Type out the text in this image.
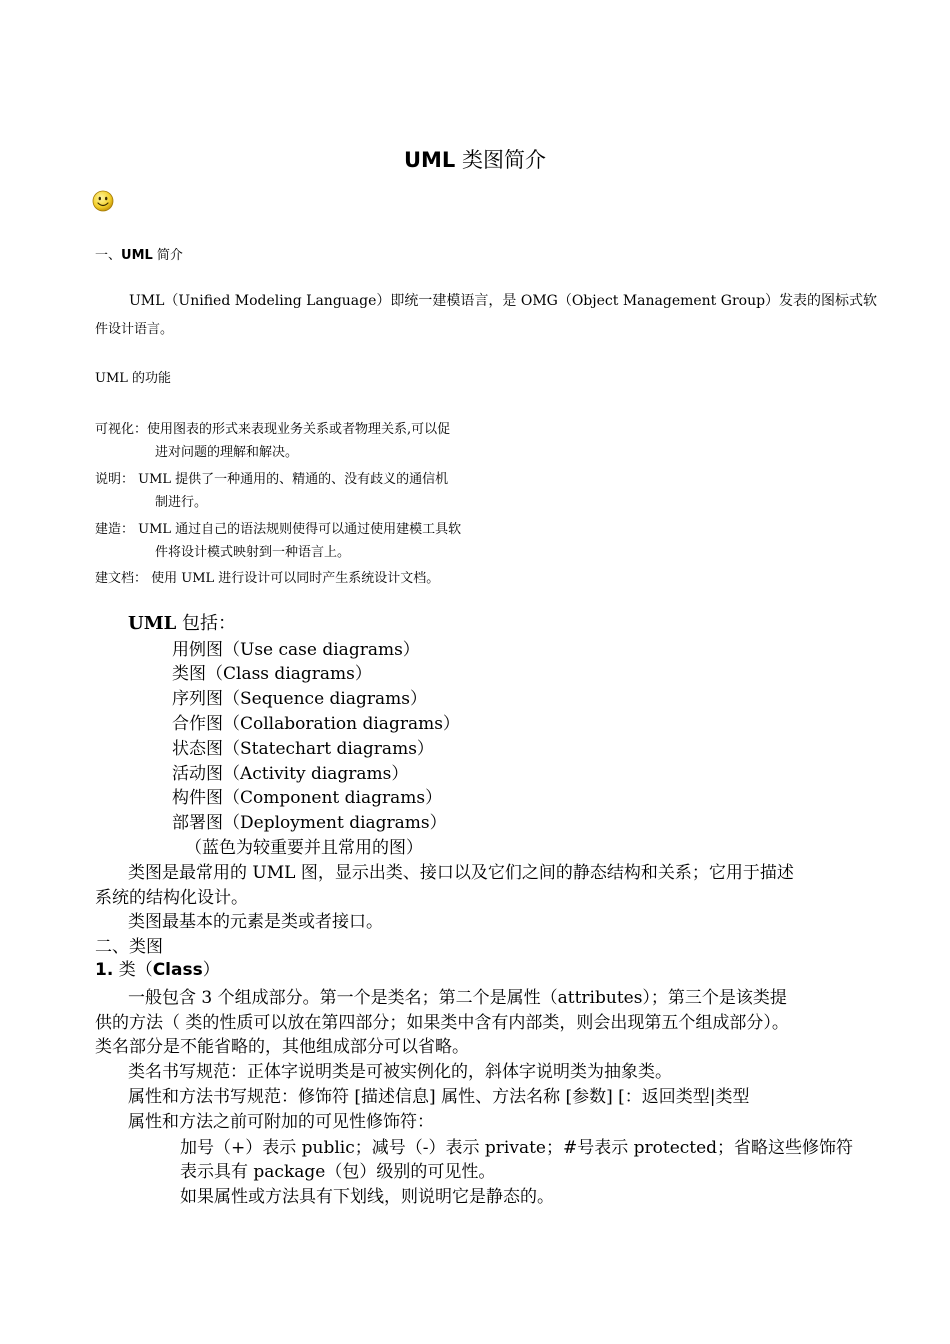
UML 类图简介
一、UML 简介
UML（Unified Modeling Language）即统一建模语言，是 OMG（Object Management Group）发表的图标式软
件设计语言。
UML 的功能
可视化：使用图表的形式来表现业务关系或者物理关系,可以促
进对问题的理解和解决。
说明： UML 提供了一种通用的、精通的、没有歧义的通信机
制进行。
建造： UML 通过自己的语法规则使得可以通过使用建模工具软
件将设计模式映射到一种语言上。
建文档： 使用 UML 进行设计可以同时产生系统设计文档。
UML 包括：
用例图（Use case diagrams）
类图（Class diagrams）
序列图（Sequence diagrams）
合作图（Collaboration diagrams）
状态图（Statechart diagrams）
活动图（Activity diagrams）
构件图（Component diagrams）
部署图（Deployment diagrams）
（蓝色为较重要并且常用的图）
类图是最常用的 UML 图，显示出类、接口以及它们之间的静态结构和关系；它用于描述
系统的结构化设计。
类图最基本的元素是类或者接口。
二、类图
1. 类（Class）
一般包含 3 个组成部分。第一个是类名；第二个是属性（attributes）；第三个是该类提
供的方法（ 类的性质可以放在第四部分；如果类中含有内部类，则会出现第五个组成部分）。
类名部分是不能省略的，其他组成部分可以省略。
类名书写规范：正体字说明类是可被实例化的，斜体字说明类为抽象类。
属性和方法书写规范：修饰符 [描述信息] 属性、方法名称 [参数] [：返回类型|类型
属性和方法之前可附加的可见性修饰符：
加号（+）表示 public；减号（-）表示 private；#号表示 protected；省略这些修饰符
表示具有 package（包）级别的可见性。
如果属性或方法具有下划线，则说明它是静态的。
